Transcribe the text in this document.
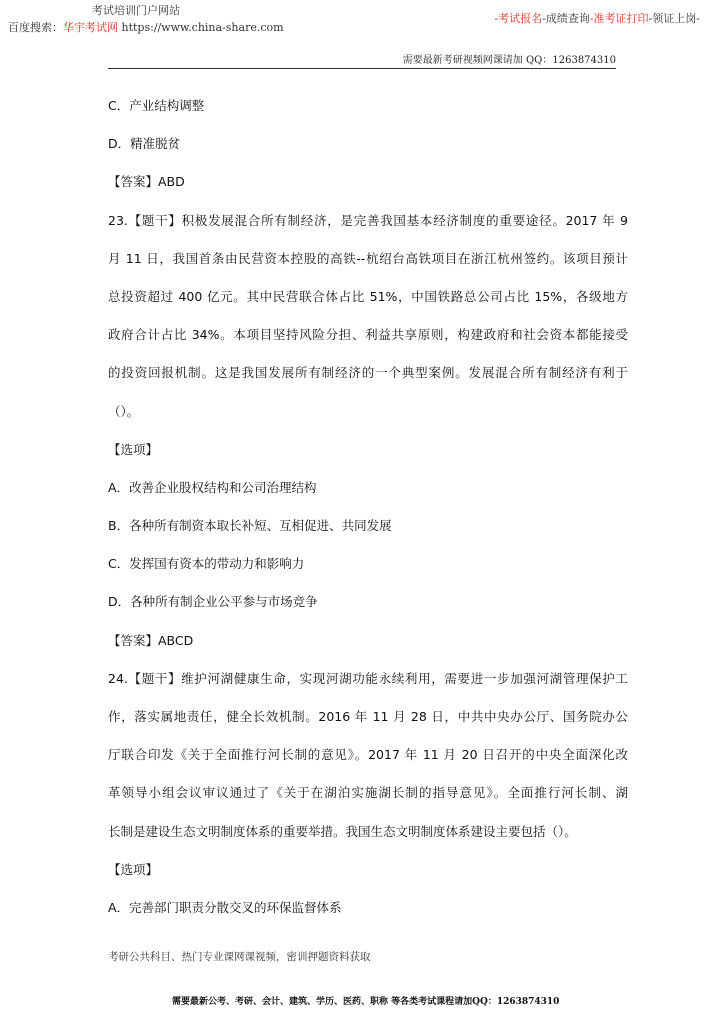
考试培训门户网站
百度搜索：华宇考试网 https://www.china-share.com
-考试报名-成绩查询-准考证打印-领证上岗-
需要最新考研视频网课请加 QQ：1263874310
C．产业结构调整
D．精准脱贫
【答案】ABD
23.【题干】积极发展混合所有制经济，是完善我国基本经济制度的重要途径。2017 年 9
月 11 日，我国首条由民营资本控股的高铁--杭绍台高铁项目在浙江杭州签约。该项目预计
总投资超过 400 亿元。其中民营联合体占比 51%，中国铁路总公司占比 15%，各级地方
政府合计占比 34%。本项目坚持风险分担、利益共享原则，构建政府和社会资本都能接受
的投资回报机制。这是我国发展所有制经济的一个典型案例。发展混合所有制经济有利于
（）。
【选项】
A．改善企业股权结构和公司治理结构
B．各种所有制资本取长补短、互相促进、共同发展
C．发挥国有资本的带动力和影响力
D．各种所有制企业公平参与市场竞争
【答案】ABCD
24.【题干】维护河湖健康生命，实现河湖功能永续利用，需要进一步加强河湖管理保护工
作，落实属地责任，健全长效机制。2016 年 11 月 28 日，中共中央办公厅、国务院办公
厅联合印发《关于全面推行河长制的意见》。2017 年 11 月 20 日召开的中央全面深化改
革领导小组会议审议通过了《关于在湖泊实施湖长制的指导意见》。全面推行河长制、湖
长制是建设生态文明制度体系的重要举措。我国生态文明制度体系建设主要包括（）。
【选项】
A．完善部门职责分散交叉的环保监督体系
考研公共科目、热门专业课网课视频，密训押题资料获取
需要最新公考、考研、会计、建筑、学历、医药、职称 等各类考试课程请加QQ：1263874310
